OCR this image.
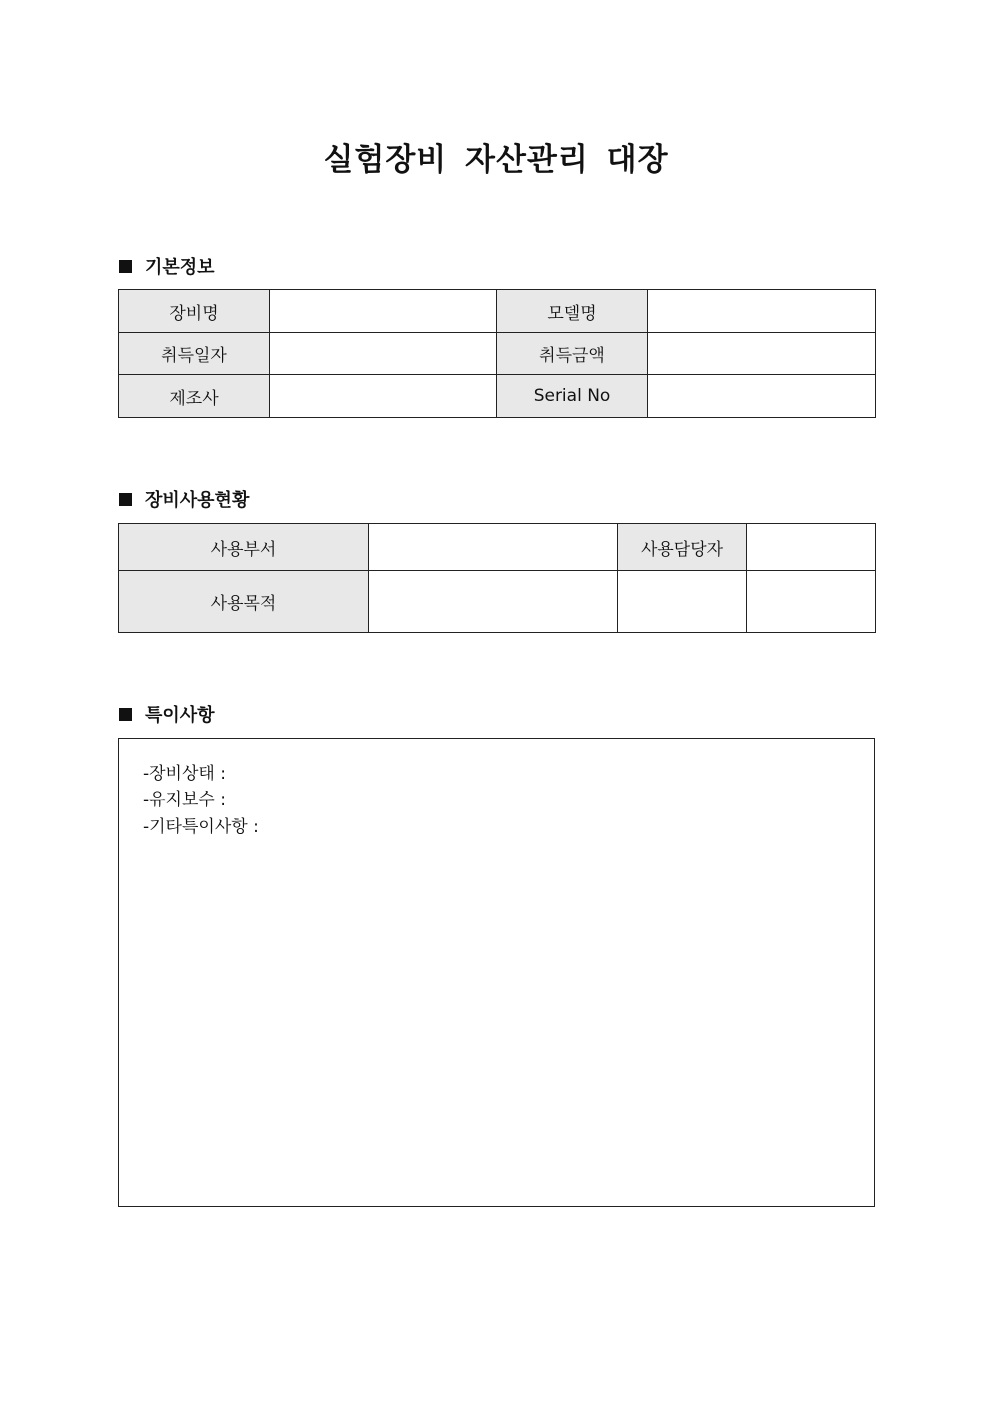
실험장비 자산관리 대장
기본정보
장비명		모델명	
취득일자		취득금액	
제조사		Serial No	
장비사용현황
사용부서		사용담당자	
사용목적			
특이사항
-장비상태 :
-유지보수 :
-기타특이사항 :
